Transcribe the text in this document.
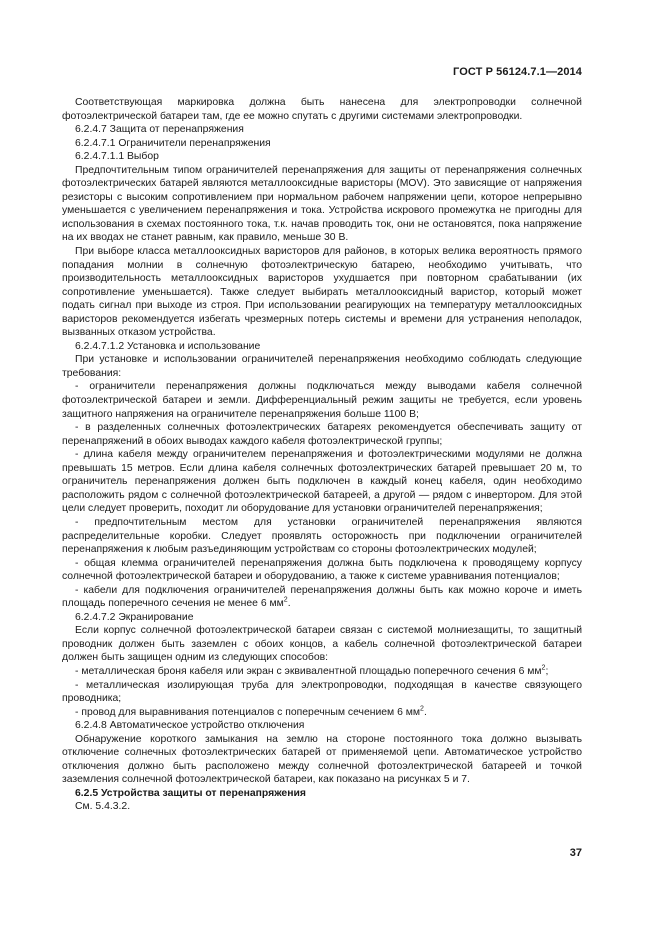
ГОСТ Р 56124.7.1—2014

Соответствующая маркировка должна быть нанесена для электропроводки солнечной фотоэлектрической батареи там, где ее можно спутать с другими системами электропроводки.

6.2.4.7 Защита от перенапряжения

6.2.4.7.1 Ограничители перенапряжения

6.2.4.7.1.1 Выбор

Предпочтительным типом ограничителей перенапряжения для защиты от перенапряжения солнечных фотоэлектрических батарей являются металлооксидные варисторы (MOV). Это зависящие от напряжения резисторы с высоким сопротивлением при нормальном рабочем напряжении цепи, которое непрерывно уменьшается с увеличением перенапряжения и тока. Устройства искрового промежутка не пригодны для использования в схемах постоянного тока, т.к. начав проводить ток, они не остановятся, пока напряжение на их вводах не станет равным, как правило, меньше 30 В.

При выборе класса металлооксидных варисторов для районов, в которых велика вероятность прямого попадания молнии в солнечную фотоэлектрическую батарею, необходимо учитывать, что производительность металлооксидных варисторов ухудшается при повторном срабатывании (их сопротивление уменьшается). Также следует выбирать металлооксидный варистор, который может подать сигнал при выходе из строя. При использовании реагирующих на температуру металлооксидных варисторов рекомендуется избегать чрезмерных потерь системы и времени для устранения неполадок, вызванных отказом устройства.

6.2.4.7.1.2 Установка и использование

При установке и использовании ограничителей перенапряжения необходимо соблюдать следующие требования:

- ограничители перенапряжения должны подключаться между выводами кабеля солнечной фотоэлектрической батареи и земли. Дифференциальный режим защиты не требуется, если уровень защитного напряжения на ограничителе перенапряжения больше 1100 В;

- в разделенных солнечных фотоэлектрических батареях рекомендуется обеспечивать защиту от перенапряжений в обоих выводах каждого кабеля фотоэлектрической группы;

- длина кабеля между ограничителем перенапряжения и фотоэлектрическими модулями не должна превышать 15 метров. Если длина кабеля солнечных фотоэлектрических батарей превышает 20 м, то ограничитель перенапряжения должен быть подключен в каждый конец кабеля, один необходимо расположить рядом с солнечной фотоэлектрической батареей, а другой — рядом с инвертором. Для этой цели следует проверить, походит ли оборудование для установки ограничителей перенапряжения;

- предпочтительным местом для установки ограничителей перенапряжения являются распределительные коробки. Следует проявлять осторожность при подключении ограничителей перенапряжения к любым разъединяющим устройствам со стороны фотоэлектрических модулей;

- общая клемма ограничителей перенапряжения должна быть подключена к проводящему корпусу солнечной фотоэлектрической батареи и оборудованию, а также к системе уравнивания потенциалов;

- кабели для подключения ограничителей перенапряжения должны быть как можно короче и иметь площадь поперечного сечения не менее 6 $мм^2$.

6.2.4.7.2 Экранирование

Если корпус солнечной фотоэлектрической батареи связан с системой молниезащиты, то защитный проводник должен быть заземлен с обоих концов, а кабель солнечной фотоэлектрической батареи должен быть защищен одним из следующих способов:

- металлическая броня кабеля или экран с эквивалентной площадью поперечного сечения 6 $мм^2$;

- металлическая изолирующая труба для электропроводки, подходящая в качестве связующего проводника;

- провод для выравнивания потенциалов с поперечным сечением 6 $мм^2$.

6.2.4.8 Автоматическое устройство отключения

Обнаружение короткого замыкания на землю на стороне постоянного тока должно вызывать отключение солнечных фотоэлектрических батарей от применяемой цепи. Автоматическое устройство отключения должно быть расположено между солнечной фотоэлектрической батареей и точкой заземления солнечной фотоэлектрической батареи, как показано на рисунках 5 и 7.

6.2.5 Устройства защиты от перенапряжения

См. 5.4.3.2.

37
